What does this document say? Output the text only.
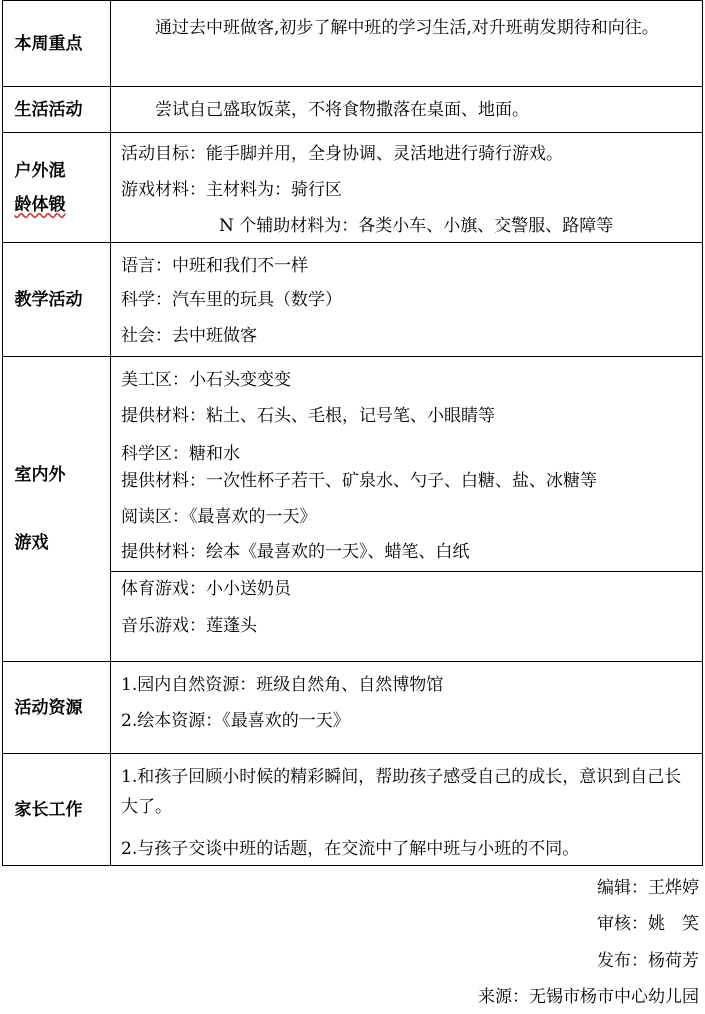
本周重点
　　通过去中班做客,初步了解中班的学习生活,对升班萌发期待和向往。
生活活动	　　尝试自己盛取饭菜，不将食物撒落在桌面、地面。
户外混
龄体锻
活动目标：能手脚并用，全身协调、灵活地进行骑行游戏。
游戏材料：主材料为：骑行区
N 个辅助材料为：各类小车、小旗、交警服、路障等
教学活动
语言：中班和我们不一样
科学：汽车里的玩具（数学）
社会：去中班做客
室内外

游戏
美工区：小石头变变变
提供材料：粘土、石头、毛根，记号笔、小眼睛等
科学区：糖和水
提供材料：一次性杯子若干、矿泉水、勺子、白糖、盐、冰糖等
阅读区：《最喜欢的一天》
提供材料：绘本《最喜欢的一天》、蜡笔、白纸
体育游戏：小小送奶员
音乐游戏：莲蓬头
活动资源
1.园内自然资源：班级自然角、自然博物馆
2.绘本资源：《最喜欢的一天》
家长工作
1.和孩子回顾小时候的精彩瞬间，帮助孩子感受自己的成长，意识到自己长大了。
2.与孩子交谈中班的话题，在交流中了解中班与小班的不同。
编辑：王烨婷
审核：姚　笑
发布：杨荷芳
来源：无锡市杨市中心幼儿园
